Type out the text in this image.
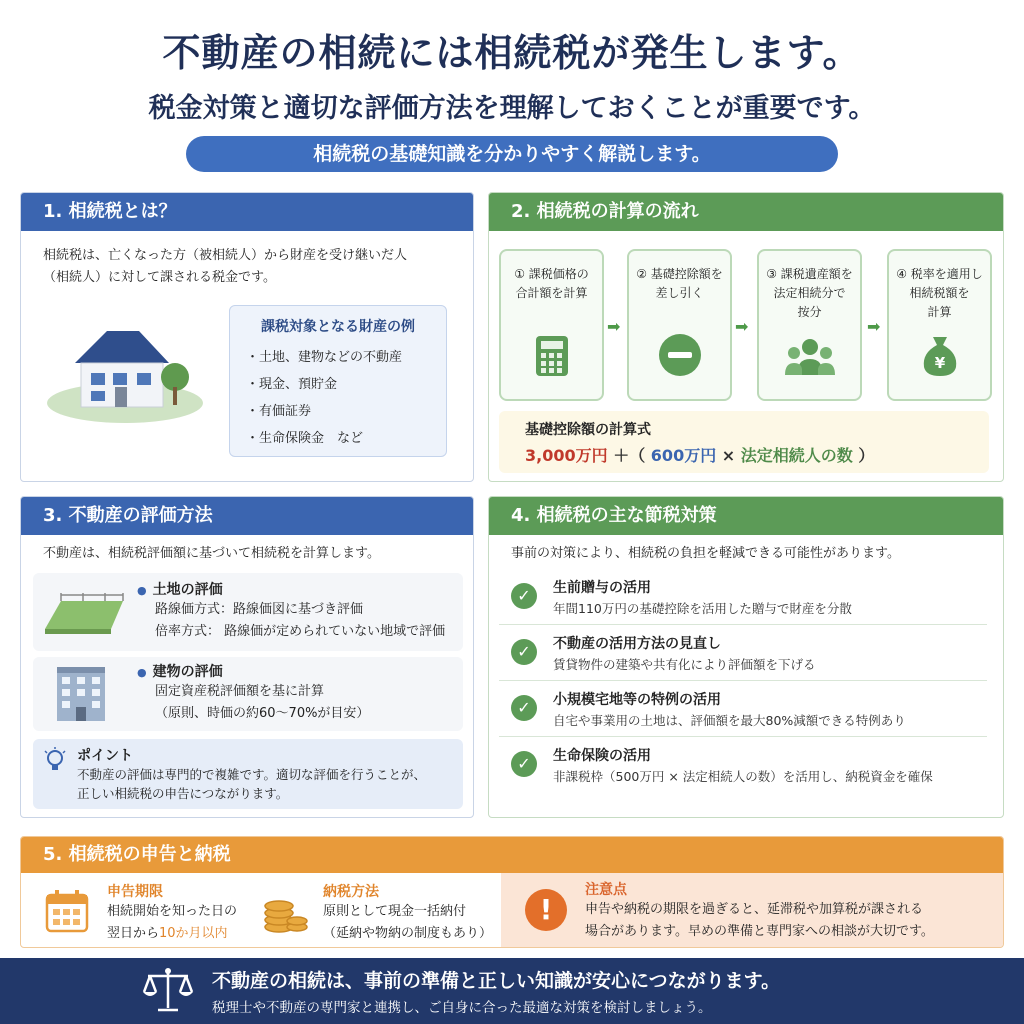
不動産の相続には相続税が発生します。
税金対策と適切な評価方法を理解しておくことが重要です。
相続税の基礎知識を分かりやすく解説します。
1. 相続税とは？
相続税は、亡くなった方（被相続人）から財産を受け継いだ人
（相続人）に対して課される税金です。
課税対象となる財産の例
・土地、建物などの不動産
・現金、預貯金
・有価証券
・生命保険金　など
2. 相続税の計算の流れ
① 課税価格の
合計額を計算
➡
② 基礎控除額を
差し引く
➡
③ 課税遺産額を
法定相続分で
按分
➡
④ 税率を適用し
相続税額を
計算
¥
基礎控除額の計算式
3,000万円 ＋（ 600万円 × 法定相続人の数 ）
3. 不動産の評価方法
不動産は、相続税評価額に基づいて相続税を計算します。
● 土地の評価
路線価方式：路線価図に基づき評価
倍率方式： 路線価が定められていない地域で評価
● 建物の評価
固定資産税評価額を基に計算
（原則、時価の約60〜70%が目安）
ポイント
不動産の評価は専門的で複雑です。適切な評価を行うことが、
正しい相続税の申告につながります。
4. 相続税の主な節税対策
事前の対策により、相続税の負担を軽減できる可能性があります。
✓	生前贈与の活用
年間110万円の基礎控除を活用した贈与で財産を分散
✓	不動産の活用方法の見直し
賃貸物件の建築や共有化により評価額を下げる
✓	小規模宅地等の特例の活用
自宅や事業用の土地は、評価額を最大80%減額できる特例あり
✓	生命保険の活用
非課税枠（500万円 × 法定相続人の数）を活用し、納税資金を確保
5. 相続税の申告と納税
申告期限
相続開始を知った日の
翌日から10か月以内
納税方法
原則として現金一括納付
（延納や物納の制度もあり）
!
注意点
申告や納税の期限を過ぎると、延滞税や加算税が課される
場合があります。早めの準備と専門家への相談が大切です。
不動産の相続は、事前の準備と正しい知識が安心につながります。
税理士や不動産の専門家と連携し、ご自身に合った最適な対策を検討しましょう。
